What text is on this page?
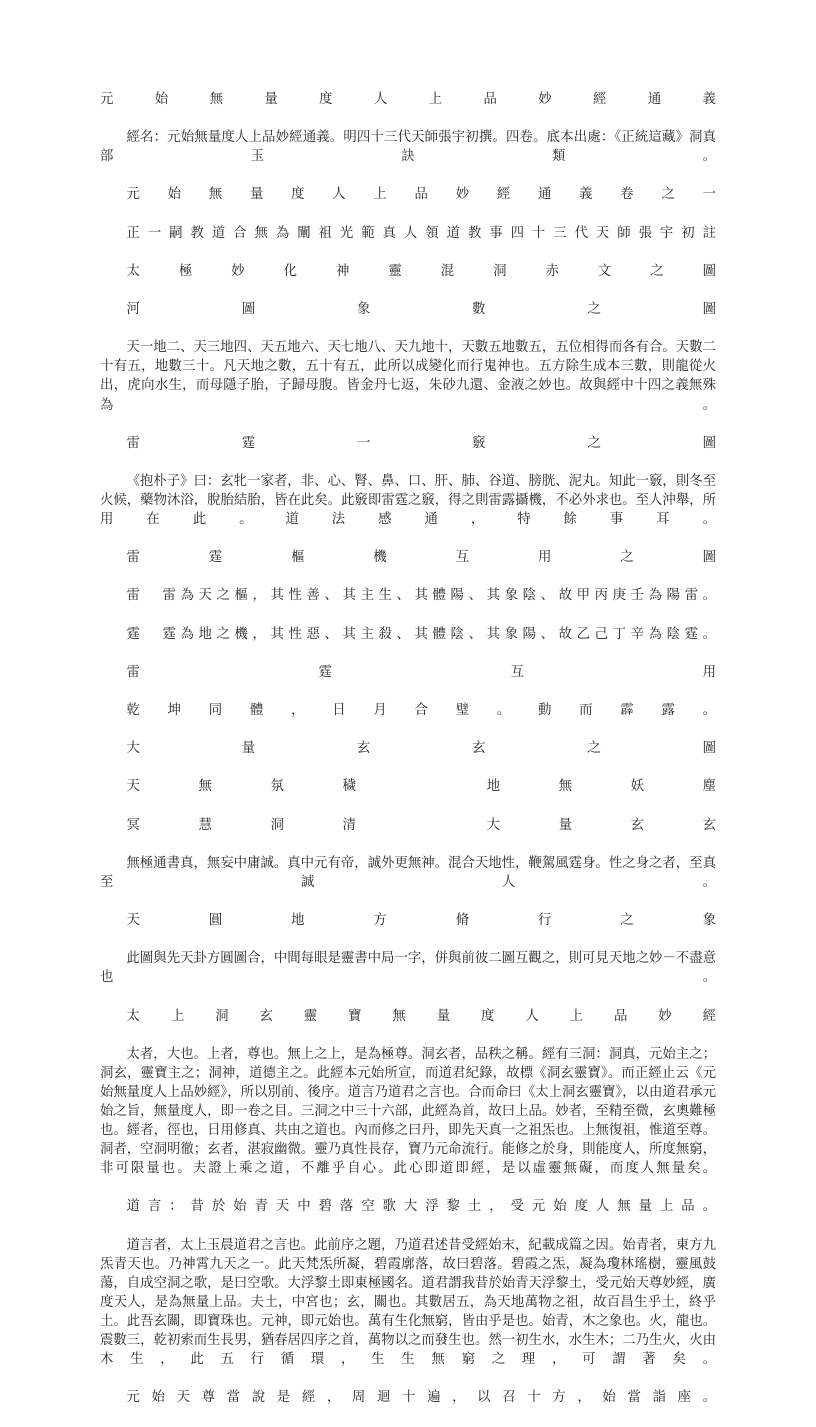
元始無量度人上品妙經通義

經名：元始無量度人上品妙經通義。明四十三代天師張宇初撰。四卷。底本出處：《正統這藏》洞真部玉訣類。

元始無量度人上品妙經通義卷之一

正一嗣教道合無為闡祖光範真人領道教事四十三代天師張宇初註

太極妙化神靈混洞赤文之圖

河圖象數之圖

天一地二、天三地四、天五地六、天七地八、天九地十，天數五地數五，五位相得而各有合。天數二十有五，地數三十。凡天地之數，五十有五，此所以成變化而行鬼神也。五方除生成本三數，則龍從火出，虎向水生，而母隱子胎，子歸母腹。皆金丹七返，朱砂九還、金液之妙也。故與經中十四之義無殊為。

雷霆一竅之圖

《抱朴子》曰：玄牝一家者，非、心、腎、鼻、口、肝、肺、谷道、膀胱、泥丸。知此一竅，則冬至火候，藥物沐浴，脫胎結胎，皆在此矣。此竅即雷霆之竅，得之則雷露攝機，不必外求也。至人沖舉，所用在此。道法感通，特餘事耳。

雷霆樞機互用之圖

雷　雷為天之樞，其性善、其主生、其體陽、其象陰、故甲丙庚壬為陽雷。

霆　霆為地之機，其性惡、其主殺、其體陰、其象陽、故乙己丁辛為陰霆。

雷霆互用

乾坤同體，日月合璧。動而霹露。

大量玄玄之圖

天無氛穢　地無妖塵

冥慧洞清　大量玄玄

無極通書真，無妄中庸誠。真中元有帝，誠外更無神。混合天地性，鞭駕風霆身。性之身之者，至真至誠人。

天圓地方脩行之象

此圖與先天卦方圓圖合，中間每眼是靈書中局一字，併與前彼二圖互觀之，則可見天地之妙－不盡意也。

太上洞玄靈寶無量度人上品妙經

太者，大也。上者，尊也。無上之上，是為極尊。洞玄者，品秩之稱。經有三洞：洞真，元始主之；洞玄，靈寶主之；洞神，道德主之。此經本元始所宣，而道君紀錄，故標《洞玄靈寶》。而正經止云《元始無量度人上品妙經》，所以別前、後序。道言乃道君之言也。合而命曰《太上洞玄靈寶》，以由道君承元始之旨，無量度人，即一卷之目。三洞之中三十六部，此經為首，故曰上品。妙者，至精至微，玄奧難極也。經者，徑也，日用修真、共由之道也。內而修之曰丹，即先天真一之祖炁也。上無復祖，惟道至尊。洞者，空洞明徹；玄者，湛寂幽微。靈乃真性長存，寶乃元命流行。能修之於身，則能度人，所度無窮，非可限量也。夫證上乘之道，不離乎自心。此心即道即經，是以虛靈無礙，而度人無量矣。

道言：昔於始青天中碧落空歌大浮黎土，受元始度人無量上品。

道言者，太上玉晨道君之言也。此前序之題，乃道君述昔受經始末，紀載成篇之因。始青者，東方九炁青天也。乃神霄九天之一。此天梵炁所凝，碧霞廓落，故曰碧落。碧霞之炁，凝為瓊林瑤樹，靈風鼓蕩，自成空洞之歌，是曰空歌。大浮黎土即東極國名。道君謂我昔於始青天浮黎土，受元始天尊妙經，廣度天人，是為無量上品。夫土，中宮也；玄，關也。其數居五，為天地萬物之祖，故百昌生乎土，終乎土。此吾玄關，即寶珠也。元神，即元始也。萬有生化無窮，皆由乎是也。始青，木之象也。火，龍也。震數三，乾初索而生長男，猶春居四序之首，萬物以之而發生也。然一初生水，水生木；二乃生火，火由木生，此五行循環，生生無窮之理，可謂著矣。

元始天尊當說是經，周迴十遍，以召十方，始當詣座。
